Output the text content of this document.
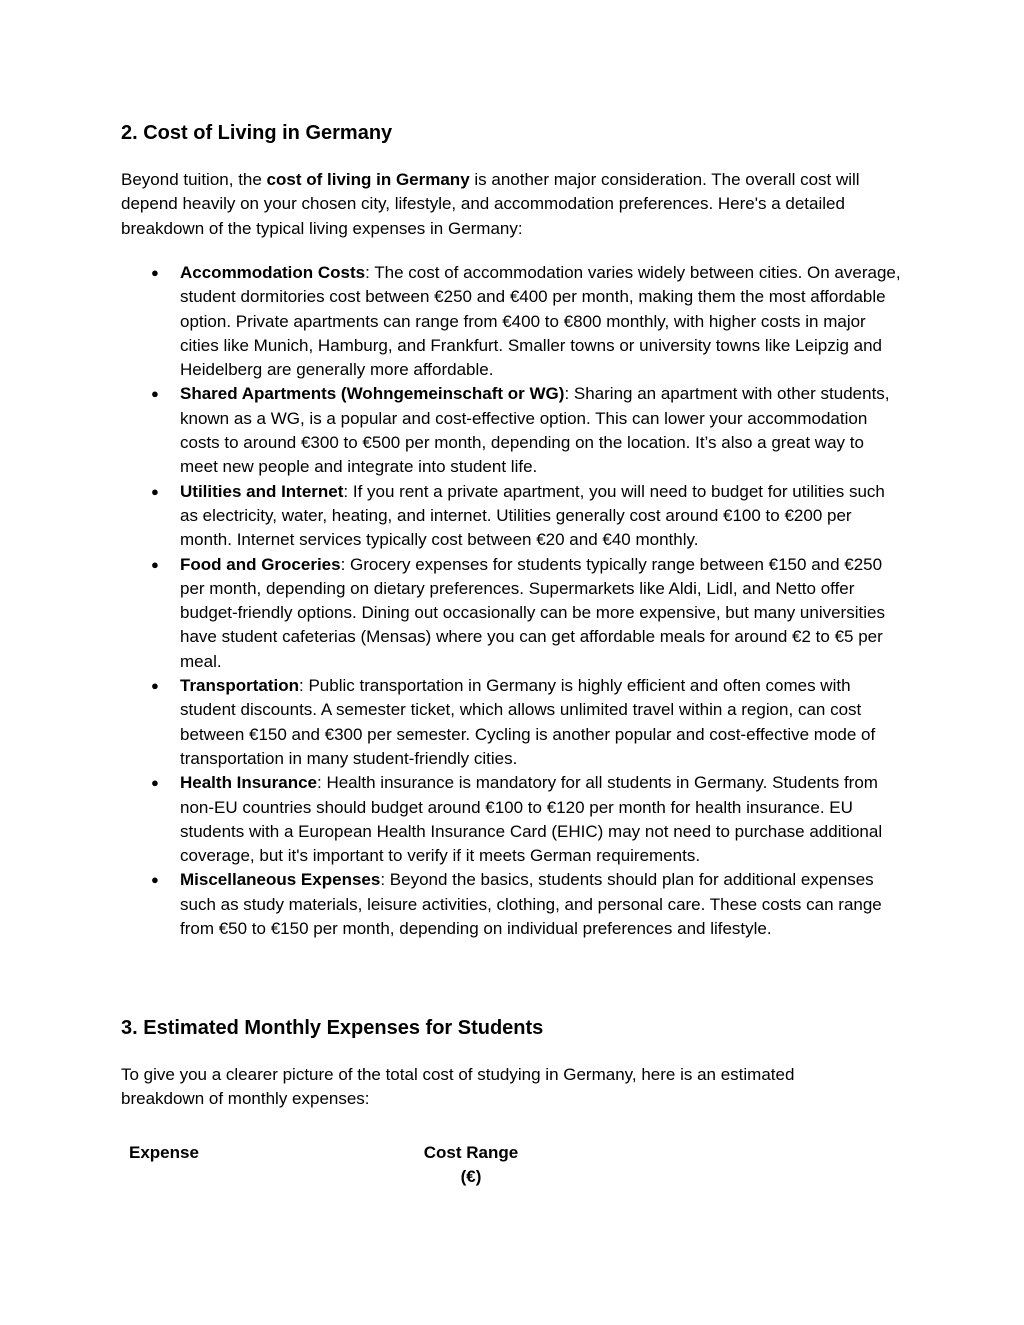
2. Cost of Living in Germany

Beyond tuition, the cost of living in Germany is another major consideration. The overall cost will depend heavily on your chosen city, lifestyle, and accommodation preferences. Here's a detailed breakdown of the typical living expenses in Germany:

● Accommodation Costs: The cost of accommodation varies widely between cities. On average, student dormitories cost between €250 and €400 per month, making them the most affordable option. Private apartments can range from €400 to €800 monthly, with higher costs in major cities like Munich, Hamburg, and Frankfurt. Smaller towns or university towns like Leipzig and Heidelberg are generally more affordable.
● Shared Apartments (Wohngemeinschaft or WG): Sharing an apartment with other students, known as a WG, is a popular and cost-effective option. This can lower your accommodation costs to around €300 to €500 per month, depending on the location. It’s also a great way to meet new people and integrate into student life.
● Utilities and Internet: If you rent a private apartment, you will need to budget for utilities such as electricity, water, heating, and internet. Utilities generally cost around €100 to €200 per month. Internet services typically cost between €20 and €40 monthly.
● Food and Groceries: Grocery expenses for students typically range between €150 and €250 per month, depending on dietary preferences. Supermarkets like Aldi, Lidl, and Netto offer budget-friendly options. Dining out occasionally can be more expensive, but many universities have student cafeterias (Mensas) where you can get affordable meals for around €2 to €5 per meal.
● Transportation: Public transportation in Germany is highly efficient and often comes with student discounts. A semester ticket, which allows unlimited travel within a region, can cost between €150 and €300 per semester. Cycling is another popular and cost-effective mode of transportation in many student-friendly cities.
● Health Insurance: Health insurance is mandatory for all students in Germany. Students from non-EU countries should budget around €100 to €120 per month for health insurance. EU students with a European Health Insurance Card (EHIC) may not need to purchase additional coverage, but it's important to verify if it meets German requirements.
● Miscellaneous Expenses: Beyond the basics, students should plan for additional expenses such as study materials, leisure activities, clothing, and personal care. These costs can range from €50 to €150 per month, depending on individual preferences and lifestyle.
3. Estimated Monthly Expenses for Students

To give you a clearer picture of the total cost of studying in Germany, here is an estimated breakdown of monthly expenses:

Expense	Cost Range
(€)
